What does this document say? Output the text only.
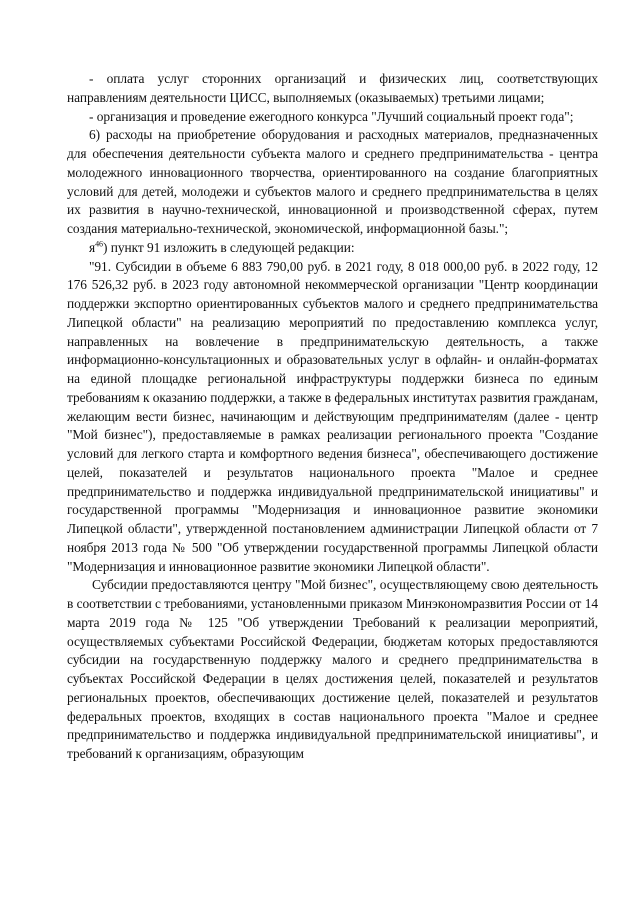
- оплата услуг сторонних организаций и физических лиц, соответствующих направлениям деятельности ЦИСС, выполняемых (оказываемых) третьими лицами;

- организация и проведение ежегодного конкурса "Лучший социальный проект года";

6) расходы на приобретение оборудования и расходных материалов, предназначенных для обеспечения деятельности субъекта малого и среднего предпринимательства - центра молодежного инновационного творчества, ориентированного на создание благоприятных условий для детей, молодежи и субъектов малого и среднего предпринимательства в целях их развития в научно-технической, инновационной и производственной сферах, путем создания материально-технической, экономической, информационной базы.";

$я^{46}$) пункт 91 изложить в следующей редакции:

"91. Субсидии в объеме 6 883 790,00 руб. в 2021 году, 8 018 000,00 руб. в 2022 году, 12 176 526,32 руб. в 2023 году автономной некоммерческой организации "Центр координации поддержки экспортно ориентированных субъектов малого и среднего предпринимательства Липецкой области" на реализацию мероприятий по предоставлению комплекса услуг, направленных на вовлечение в предпринимательскую деятельность, а также информационно-консультационных и образовательных услуг в офлайн- и онлайн-форматах на единой площадке региональной инфраструктуры поддержки бизнеса по единым требованиям к оказанию поддержки, а также в федеральных институтах развития гражданам, желающим вести бизнес, начинающим и действующим предпринимателям (далее - центр "Мой бизнес"), предоставляемые в рамках реализации регионального проекта "Создание условий для легкого старта и комфортного ведения бизнеса", обеспечивающего достижение целей, показателей и результатов национального проекта "Малое и среднее предпринимательство и поддержка индивидуальной предпринимательской инициативы" и государственной программы "Модернизация и инновационное развитие экономики Липецкой области", утвержденной постановлением администрации Липецкой области от 7 ноября 2013 года № 500 "Об утверждении государственной программы Липецкой области "Модернизация и инновационное развитие экономики Липецкой области".

Субсидии предоставляются центру "Мой бизнес", осуществляющему свою деятельность в соответствии с требованиями, установленными приказом Минэкономразвития России от 14 марта 2019 года № 125 "Об утверждении Требований к реализации мероприятий, осуществляемых субъектами Российской Федерации, бюджетам которых предоставляются субсидии на государственную поддержку малого и среднего предпринимательства в субъектах Российской Федерации в целях достижения целей, показателей и результатов региональных проектов, обеспечивающих достижение целей, показателей и результатов федеральных проектов, входящих в состав национального проекта "Малое и среднее предпринимательство и поддержка индивидуальной предпринимательской инициативы", и требований к организациям, образующим
